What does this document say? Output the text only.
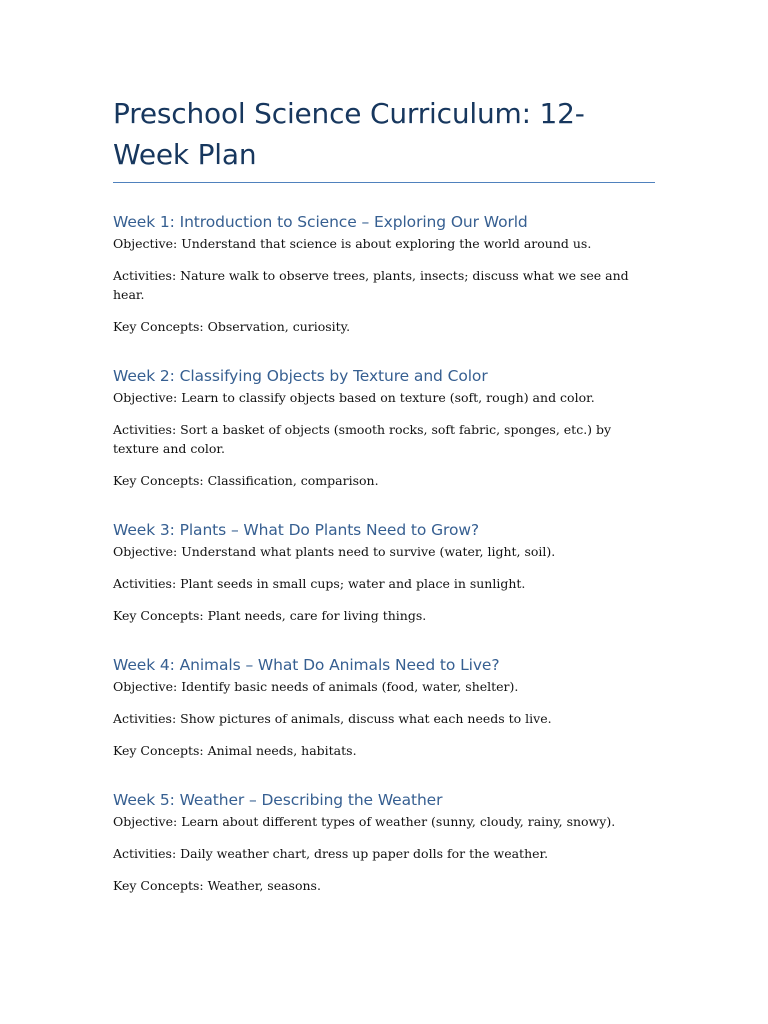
Preschool Science Curriculum: 12-Week Plan
Week 1: Introduction to Science – Exploring Our World

Objective: Understand that science is about exploring the world around us.

Activities: Nature walk to observe trees, plants, insects; discuss what we see and hear.

Key Concepts: Observation, curiosity.

Week 2: Classifying Objects by Texture and Color

Objective: Learn to classify objects based on texture (soft, rough) and color.

Activities: Sort a basket of objects (smooth rocks, soft fabric, sponges, etc.) by texture and color.

Key Concepts: Classification, comparison.

Week 3: Plants – What Do Plants Need to Grow?

Objective: Understand what plants need to survive (water, light, soil).

Activities: Plant seeds in small cups; water and place in sunlight.

Key Concepts: Plant needs, care for living things.

Week 4: Animals – What Do Animals Need to Live?

Objective: Identify basic needs of animals (food, water, shelter).

Activities: Show pictures of animals, discuss what each needs to live.

Key Concepts: Animal needs, habitats.

Week 5: Weather – Describing the Weather

Objective: Learn about different types of weather (sunny, cloudy, rainy, snowy).

Activities: Daily weather chart, dress up paper dolls for the weather.

Key Concepts: Weather, seasons.
